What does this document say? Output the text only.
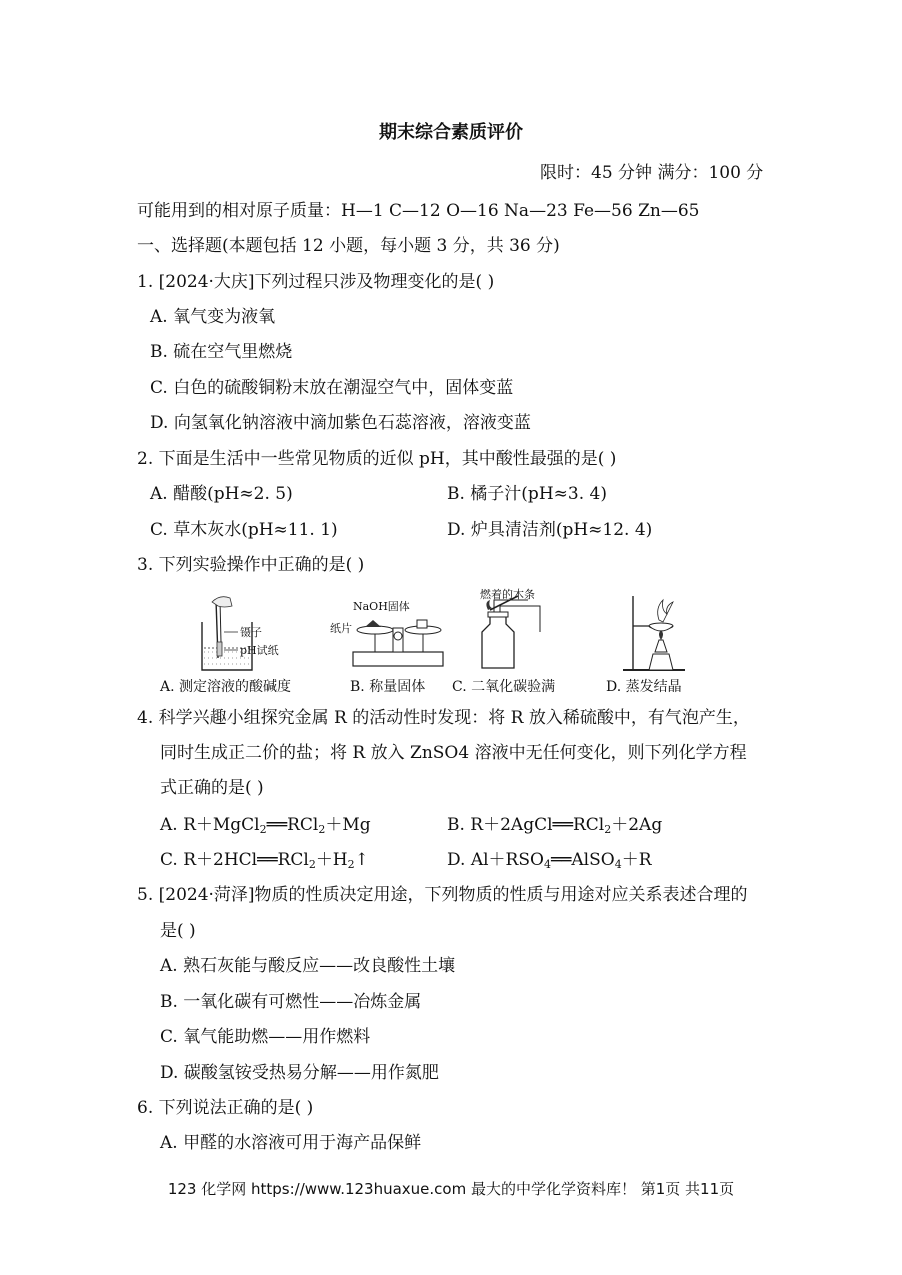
期末综合素质评价
限时：45 分钟 满分：100 分
可能用到的相对原子质量：H—1 C—12 O—16 Na—23 Fe—56 Zn—65
一、选择题(本题包括 12 小题，每小题 3 分，共 36 分)
1. [2024·大庆]下列过程只涉及物理变化的是( )
A. 氧气变为液氧
B. 硫在空气里燃烧
C. 白色的硫酸铜粉末放在潮湿空气中，固体变蓝
D. 向氢氧化钠溶液中滴加紫色石蕊溶液，溶液变蓝
2. 下面是生活中一些常见物质的近似 pH，其中酸性最强的是( )
A. 醋酸(pH≈2. 5)	B. 橘子汁(pH≈3. 4)
C. 草木灰水(pH≈11. 1)	D. 炉具清洁剂(pH≈12. 4)
3. 下列实验操作中正确的是( )
镊子
pH试纸
A. 测定溶液的酸碱度
NaOH固体
纸片
B. 称量固体
燃着的木条
C. 二氧化碳验满	D. 蒸发结晶
4. 科学兴趣小组探究金属 R 的活动性时发现：将 R 放入稀硫酸中，有气泡产生，
同时生成正二价的盐；将 R 放入 ZnSO4 溶液中无任何变化，则下列化学方程
式正确的是( )
A. R＋MgCl$_2$══RCl$_2$＋Mg	B. R＋2AgCl══RCl$_2$＋2Ag
C. $R+2HCl══RCl_2+H_2↑$	D. $Al+RSO_4══AlSO_4+R$
5. [2024·菏泽]物质的性质决定用途，下列物质的性质与用途对应关系表述合理的
是( )
A. 熟石灰能与酸反应——改良酸性土壤
B. 一氧化碳有可燃性——冶炼金属
C. 氧气能助燃——用作燃料
D. 碳酸氢铵受热易分解——用作氮肥
6. 下列说法正确的是( )
A. 甲醛的水溶液可用于海产品保鲜
123 化学网 https://www.123huaxue.com 最大的中学化学资料库！ 第1页 共11页
